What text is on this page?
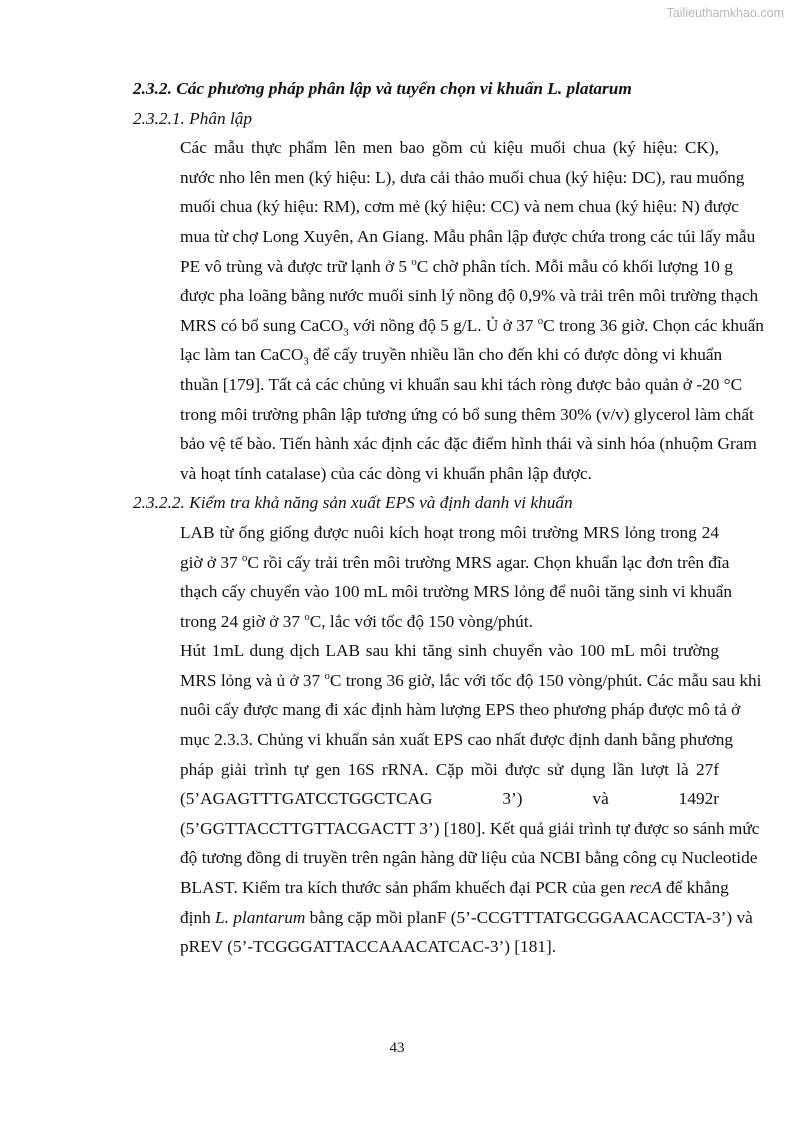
Tailieuthamkhao.com

2.3.2. Các phương pháp phân lập và tuyển chọn vi khuẩn L. platarum

2.3.2.1. Phân lập

Các mẫu thực phẩm lên men bao gồm củ kiệu muối chua (ký hiệu: CK),
nước nho lên men (ký hiệu: L), dưa cải thảo muối chua (ký hiệu: DC), rau muống
muối chua (ký hiệu: RM), cơm mẻ (ký hiệu: CC) và nem chua (ký hiệu: N) được
mua từ chợ Long Xuyên, An Giang. Mẫu phân lập được chứa trong các túi lấy mẫu
PE vô trùng và được trữ lạnh ở 5 $^o$C chờ phân tích. Mỗi mẫu có khối lượng 10 g
được pha loãng bằng nước muối sinh lý nồng độ 0,9% và trải trên môi trường thạch
MRS có bổ sung CaCO$_3$ với nồng độ 5 g/L. Ủ ở 37 $^o$C trong 36 giờ. Chọn các khuẩn
lạc làm tan CaCO$_3$ để cấy truyền nhiều lần cho đến khi có được dòng vi khuẩn
thuần [179]. Tất cả các chủng vi khuẩn sau khi tách ròng được bảo quản ở -20 °C
trong môi trường phân lập tương ứng có bổ sung thêm 30% (v/v) glycerol làm chất
bảo vệ tế bào. Tiến hành xác định các đặc điểm hình thái và sinh hóa (nhuộm Gram
và hoạt tính catalase) của các dòng vi khuẩn phân lập được.

2.3.2.2. Kiểm tra khả năng sản xuất EPS và định danh vi khuẩn

LAB từ ống giống được nuôi kích hoạt trong môi trường MRS lỏng trong 24
giờ ở 37 $^o$C rồi cấy trải trên môi trường MRS agar. Chọn khuẩn lạc đơn trên đĩa
thạch cấy chuyển vào 100 mL môi trường MRS lỏng để nuôi tăng sinh vi khuẩn
trong 24 giờ ở 37 $^o$C, lắc với tốc độ 150 vòng/phút.

Hút 1mL dung dịch LAB sau khi tăng sinh chuyển vào 100 mL môi trường
MRS lỏng và ủ ở 37 $^o$C trong 36 giờ, lắc với tốc độ 150 vòng/phút. Các mẫu sau khi
nuôi cấy được mang đi xác định hàm lượng EPS theo phương pháp được mô tả ở
mục 2.3.3. Chủng vi khuẩn sản xuất EPS cao nhất được định danh bằng phương
pháp giải trình tự gen 16S rRNA. Cặp mồi được sử dụng lần lượt là 27f
(5’AGAGTTTGATCCTGGCTCAG	3’)	và	1492r
(5’GGTTACCTTGTTACGACTT 3’) [180]. Kết quả giải trình tự được so sánh mức
độ tương đồng di truyền trên ngân hàng dữ liệu của NCBI bằng công cụ Nucleotide
BLAST. Kiểm tra kích thước sản phẩm khuếch đại PCR của gen recA để khẳng
định L. plantarum bằng cặp mồi planF (5’-CCGTTTATGCGGAACACCTA-3’) và
pREV (5’-TCGGGATTACCAAACATCAC-3’) [181].

43
